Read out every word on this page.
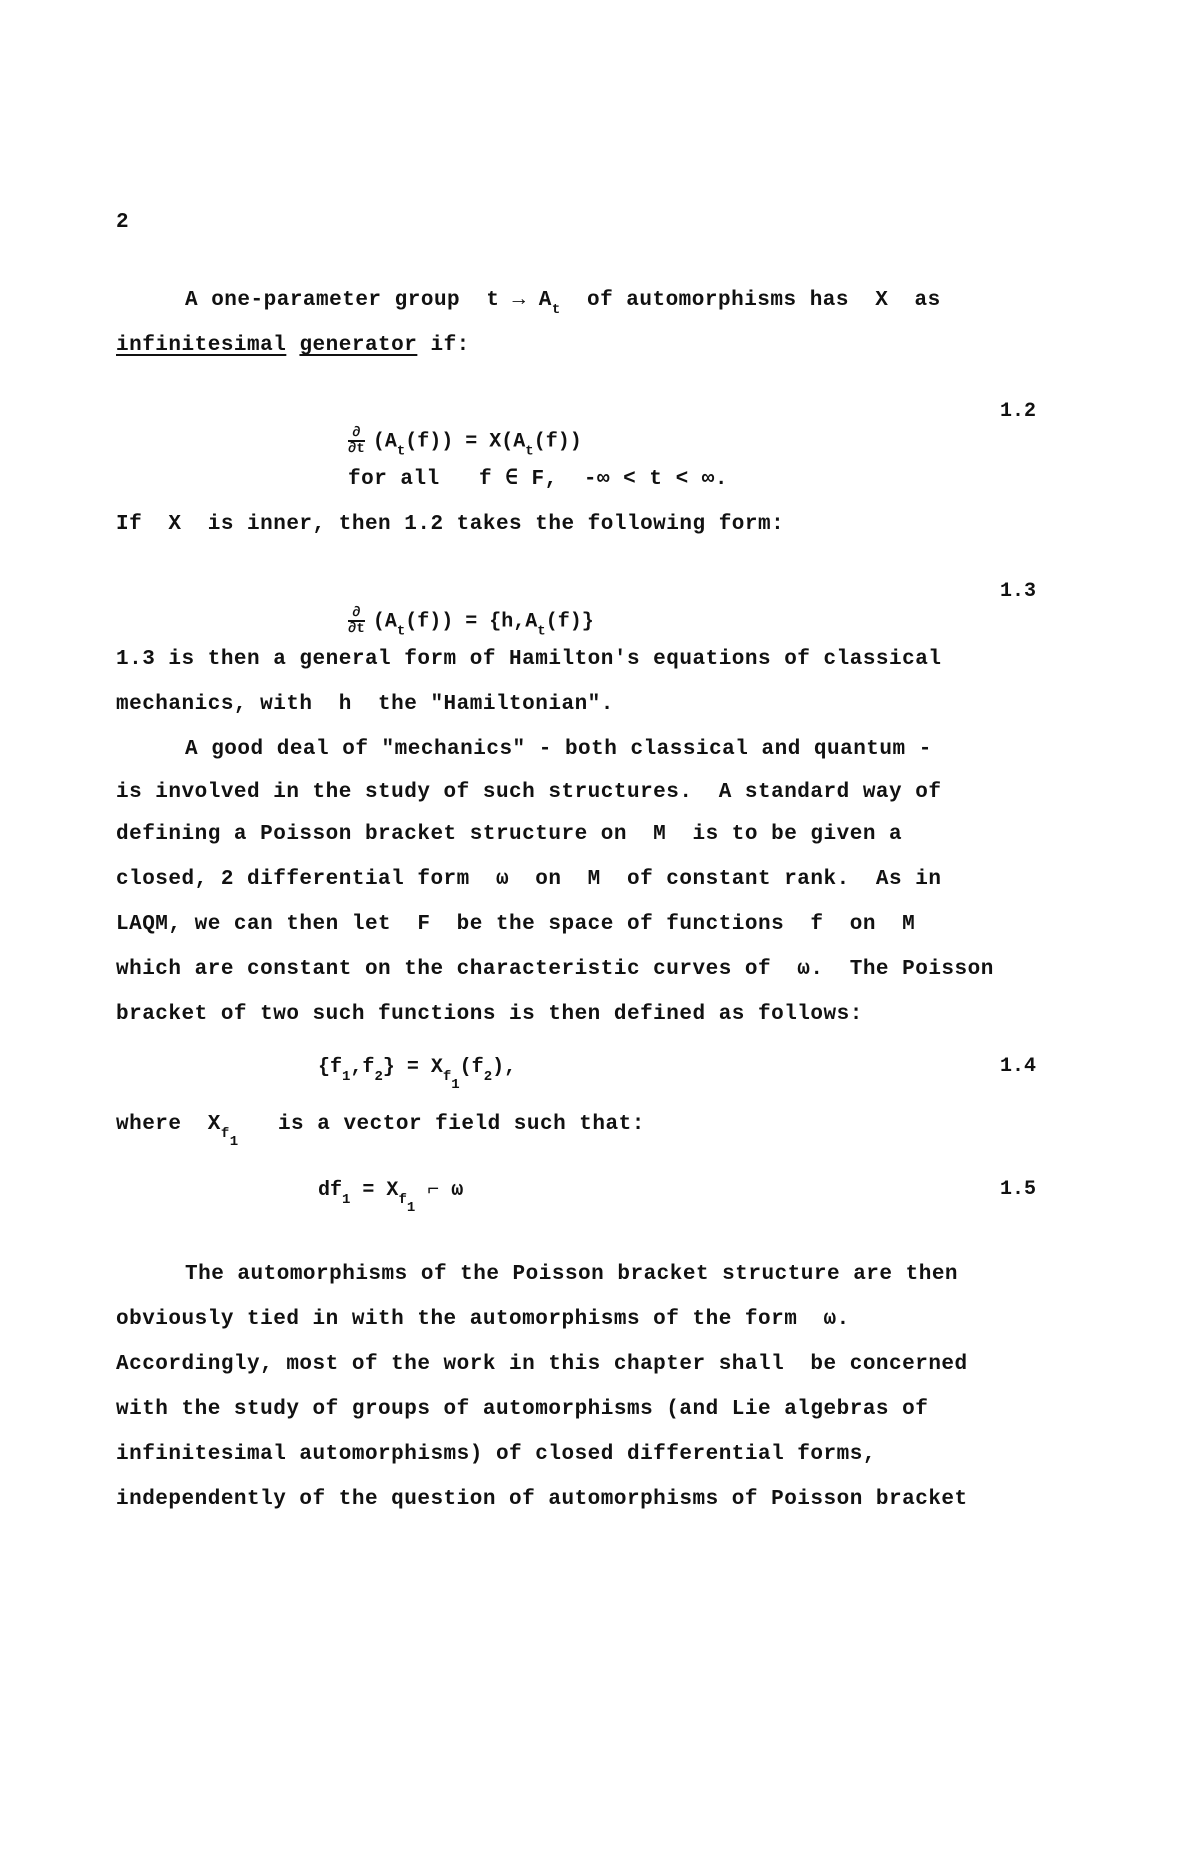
2
A one-parameter group  $t \to A_t$  of automorphisms has  X  as
infinitesimal generator if:

$\frac{\partial}{\partial t} (A_t(f)) = X(A_t(f))$

1.2
for all   f ∈ F,  -∞ < t < ∞.
If  X  is inner, then 1.2 takes the following form:

$\frac{\partial}{\partial t} (A_t(f)) = \{h,A_t(f)\}$

1.3
1.3 is then a general form of Hamilton's equations of classical
mechanics, with  h  the "Hamiltonian".
A good deal of "mechanics" - both classical and quantum -
is involved in the study of such structures.  A standard way of
defining a Poisson bracket structure on  M  is to be given a
closed, 2 differential form  ω  on  M  of constant rank.  As in
LAQM, we can then let  F  be the space of functions  f  on  M
which are constant on the characteristic curves of  ω.  The Poisson
bracket of two such functions is then defined as follows:
$\{f_1,f_2\} = X_{f_1}(f_2)$,	1.4
where  $X_{f_1}$   is a vector field such that:
$df_1 = X_{f_1}$ ⌐ ω	1.5
The automorphisms of the Poisson bracket structure are then
obviously tied in with the automorphisms of the form  ω.
Accordingly, most of the work in this chapter shall  be concerned
with the study of groups of automorphisms (and Lie algebras of
infinitesimal automorphisms) of closed differential forms,
independently of the question of automorphisms of Poisson bracket
